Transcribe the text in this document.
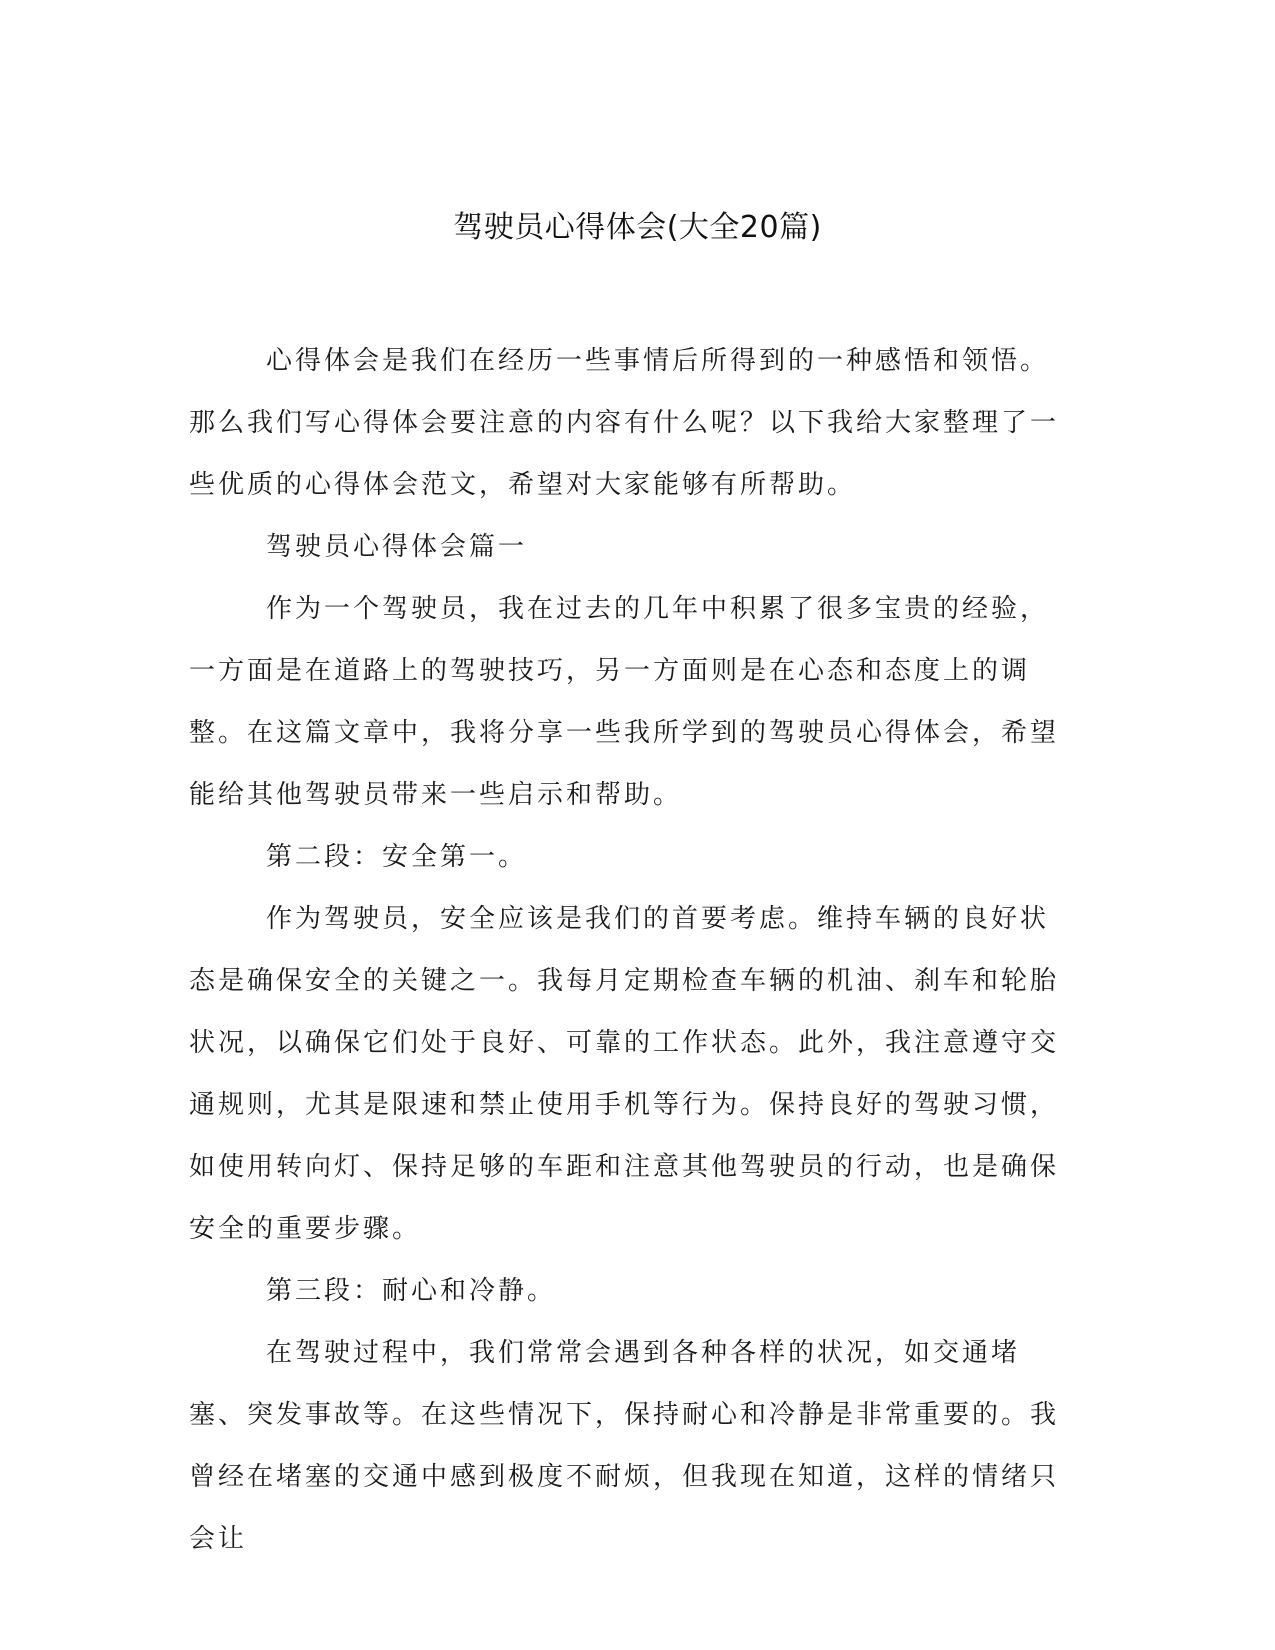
驾驶员心得体会(大全20篇)

心得体会是我们在经历一些事情后所得到的一种感悟和领悟。那么我们写心得体会要注意的内容有什么呢？以下我给大家整理了一些优质的心得体会范文，希望对大家能够有所帮助。

驾驶员心得体会篇一

作为一个驾驶员，我在过去的几年中积累了很多宝贵的经验，一方面是在道路上的驾驶技巧，另一方面则是在心态和态度上的调整。在这篇文章中，我将分享一些我所学到的驾驶员心得体会，希望能给其他驾驶员带来一些启示和帮助。

第二段：安全第一。

作为驾驶员，安全应该是我们的首要考虑。维持车辆的良好状态是确保安全的关键之一。我每月定期检查车辆的机油、刹车和轮胎状况，以确保它们处于良好、可靠的工作状态。此外，我注意遵守交通规则，尤其是限速和禁止使用手机等行为。保持良好的驾驶习惯，如使用转向灯、保持足够的车距和注意其他驾驶员的行动，也是确保安全的重要步骤。

第三段：耐心和冷静。

在驾驶过程中，我们常常会遇到各种各样的状况，如交通堵塞、突发事故等。在这些情况下，保持耐心和冷静是非常重要的。我曾经在堵塞的交通中感到极度不耐烦，但我现在知道，这样的情绪只会让
